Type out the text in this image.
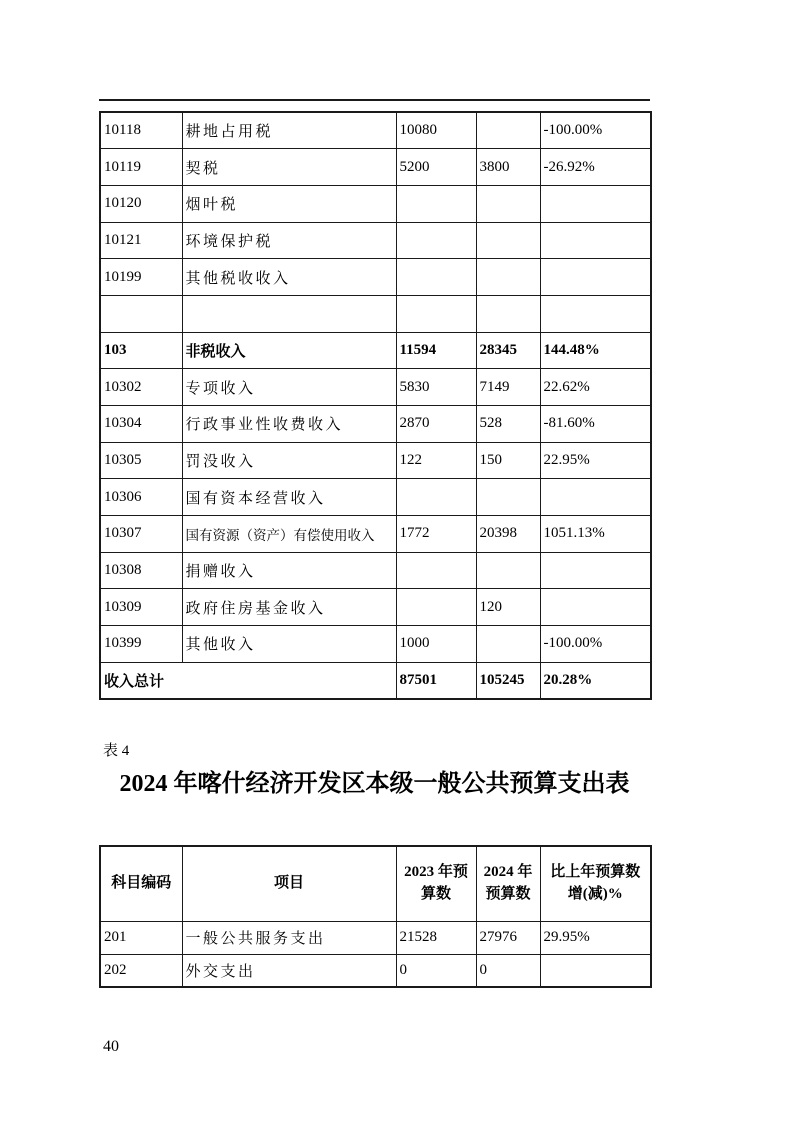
10118	耕地占用税	10080		-100.00%
10119	契税	5200	3800	-26.92%
10120	烟叶税			
10121	环境保护税			
10199	其他税收收入			

103	非税收入	11594	28345	144.48%
10302	专项收入	5830	7149	22.62%
10304	行政事业性收费收入	2870	528	-81.60%
10305	罚没收入	122	150	22.95%
10306	国有资本经营收入			
10307	国有资源（资产）有偿使用收入	1772	20398	1051.13%
10308	捐赠收入			
10309	政府住房基金收入		120	
10399	其他收入	1000		-100.00%
收入总计		87501	105245	20.28%
表 4
2024 年喀什经济开发区本级一般公共预算支出表
科目编码	项目	2023 年预算数	2024 年预算数	比上年预算数增(减)%
201	一般公共服务支出	21528	27976	29.95%
202	外交支出	0	0	
40
